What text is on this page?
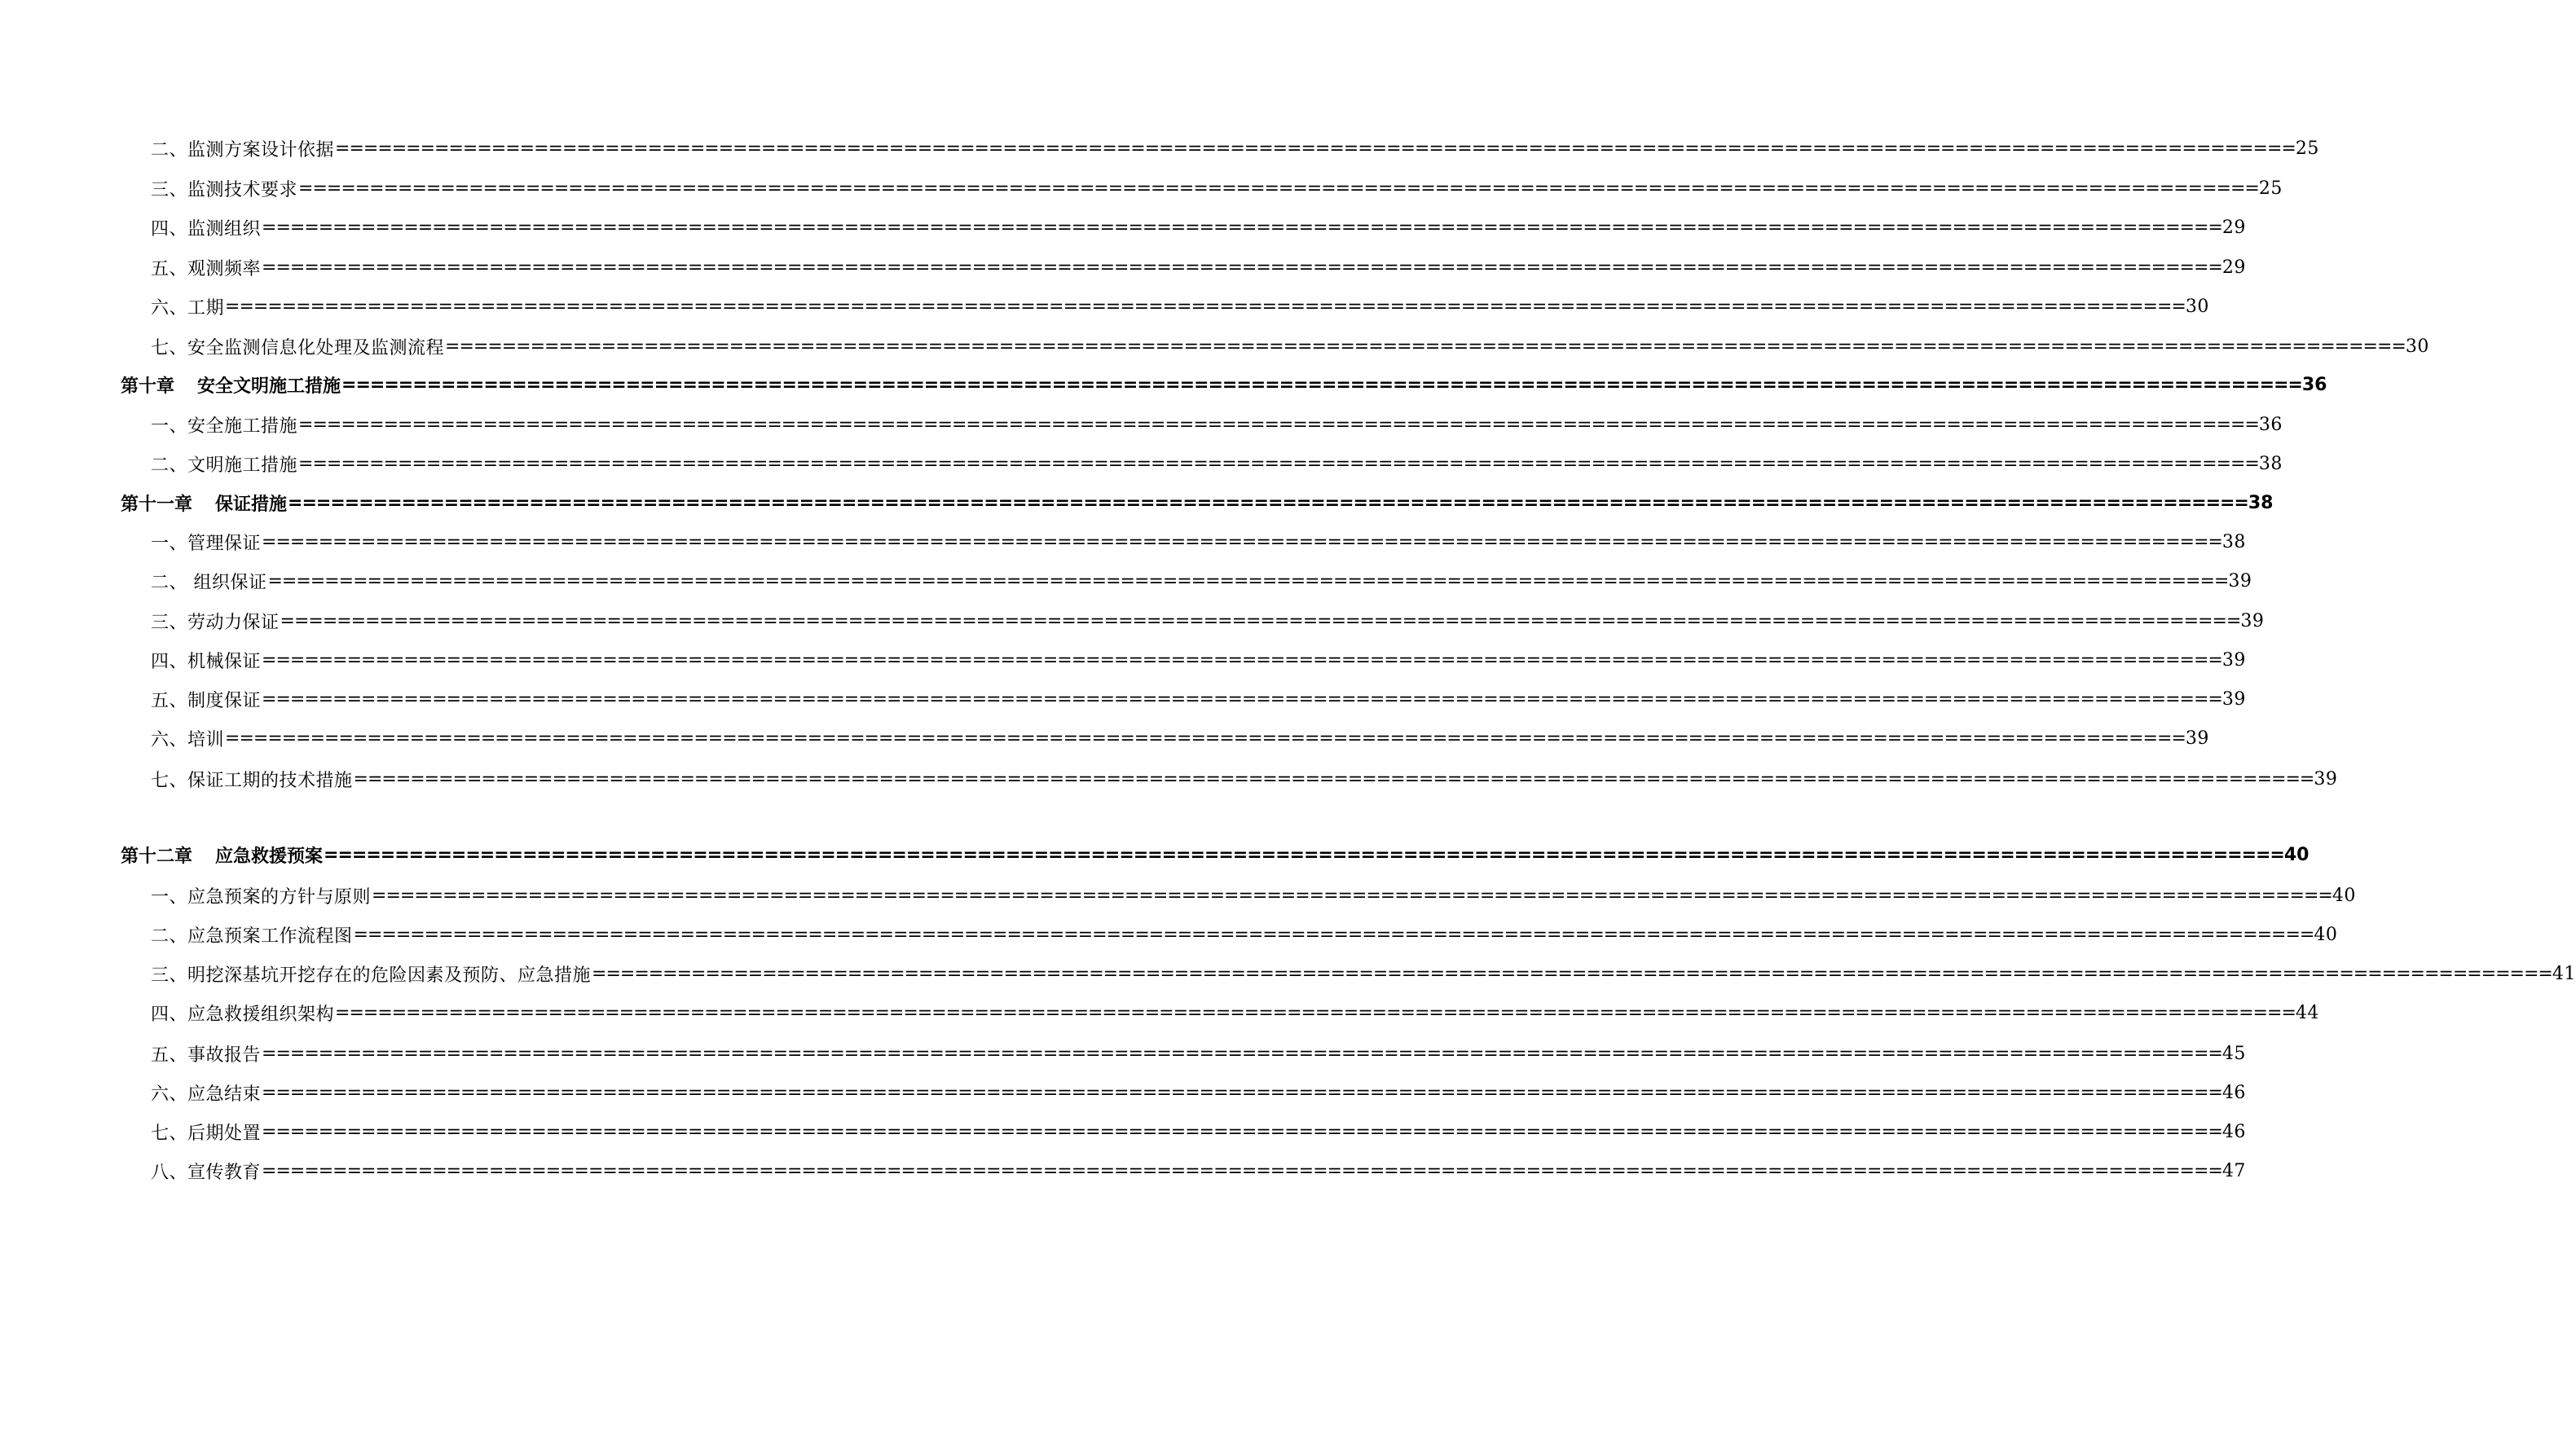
二、监测方案设计依据 ========================================================================================================================================== 25
三、监测技术要求 ========================================================================================================================================== 25
四、监测组织 ========================================================================================================================================== 29
五、观测频率 ========================================================================================================================================== 29
六、工期 ========================================================================================================================================== 30
七、安全监测信息化处理及监测流程 ========================================================================================================================================== 30
第十章 安全文明施工措施 ========================================================================================================================================== 36
一、安全施工措施 ========================================================================================================================================== 36
二、文明施工措施 ========================================================================================================================================== 38
第十一章 保证措施 ========================================================================================================================================== 38
一、管理保证 ========================================================================================================================================== 38
二、 组织保证 ========================================================================================================================================== 39
三、劳动力保证 ========================================================================================================================================== 39
四、机械保证 ========================================================================================================================================== 39
五、制度保证 ========================================================================================================================================== 39
六、培训 ========================================================================================================================================== 39
七、保证工期的技术措施 ========================================================================================================================================== 39
第十二章 应急救援预案 ========================================================================================================================================== 40
一、应急预案的方针与原则 ========================================================================================================================================== 40
二、应急预案工作流程图 ========================================================================================================================================== 40
三、明挖深基坑开挖存在的危险因素及预防、应急措施 ========================================================================================================================================== 41
四、应急救援组织架构 ========================================================================================================================================== 44
五、事故报告 ========================================================================================================================================== 45
六、应急结束 ========================================================================================================================================== 46
七、后期处置 ========================================================================================================================================== 46
八、宣传教育 ========================================================================================================================================== 47
